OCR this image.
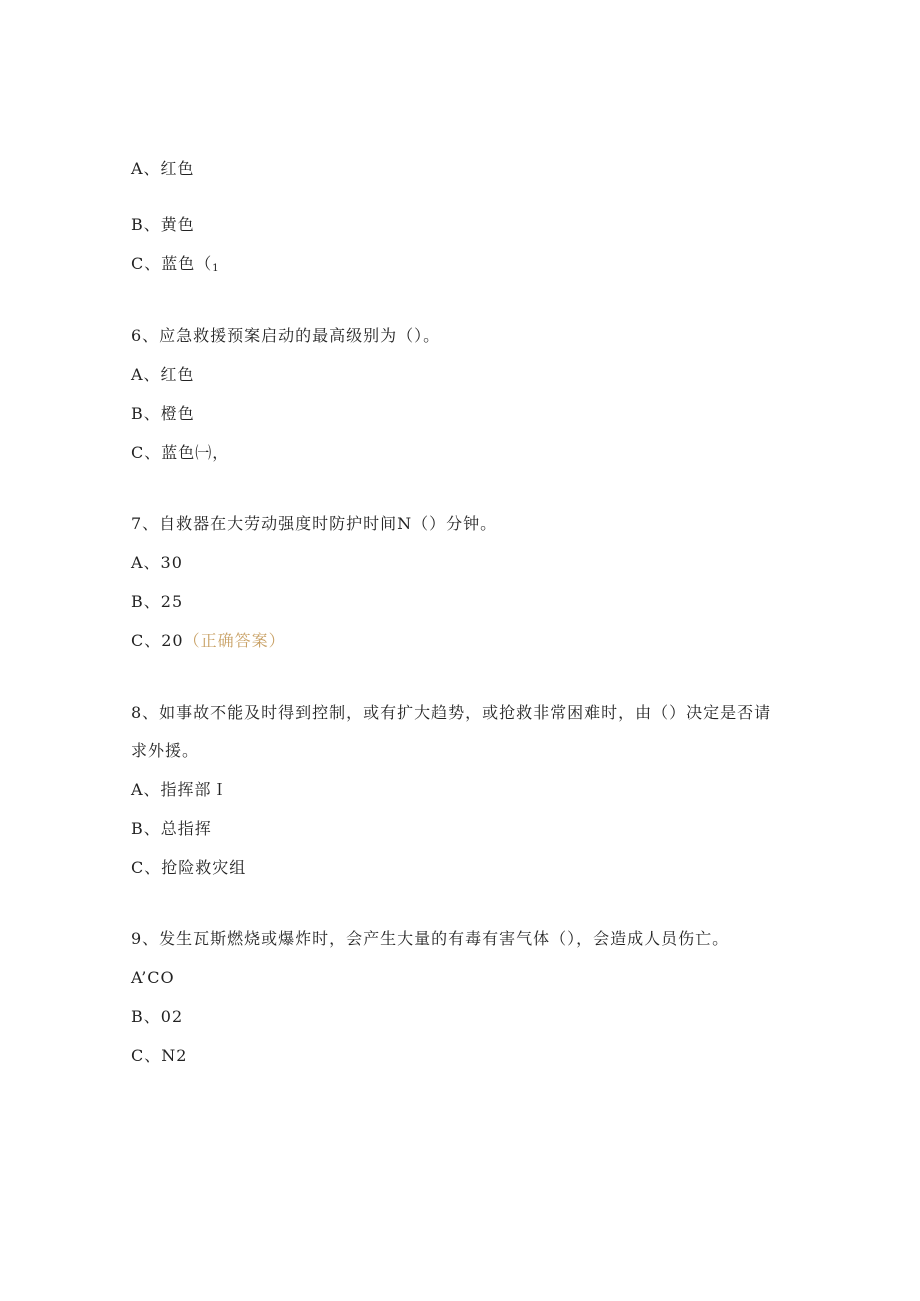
A、红色
B、黄色
C、蓝色（1
6、应急救援预案启动的最高级别为（）。
A、红色
B、橙色
C、蓝色㈠，
7、自救器在大劳动强度时防护时间N（）分钟。
A、30
B、25
C、20（正确答案）
8、如事故不能及时得到控制，或有扩大趋势，或抢救非常困难时，由（）决定是否请
求外援。
A、指挥部Ｉ
B、总指挥
C、抢险救灾组
9、发生瓦斯燃烧或爆炸时，会产生大量的有毒有害气体（），会造成人员伤亡。
A’CO
B、02
C、N2
